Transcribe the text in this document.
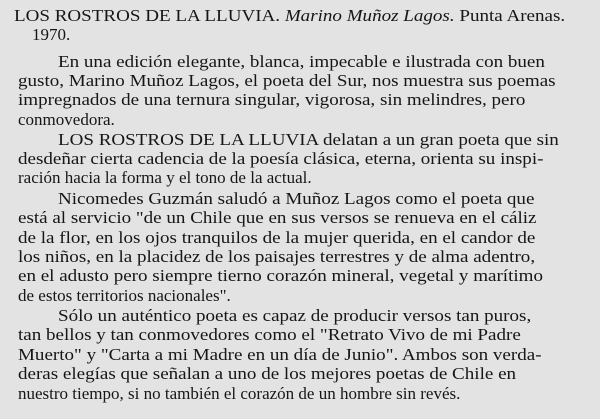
LOS ROSTROS DE LA LLUVIA. Marino Muñoz Lagos. Punta Arenas.
1970.
En una edición elegante, blanca, impecable e ilustrada con buen
gusto, Marino Muñoz Lagos, el poeta del Sur, nos muestra sus poemas
impregnados de una ternura singular, vigorosa, sin melindres, pero
conmovedora.
LOS ROSTROS DE LA LLUVIA delatan a un gran poeta que sin
desdeñar cierta cadencia de la poesía clásica, eterna, orienta su inspi-
ración hacia la forma y el tono de la actual.
Nicomedes Guzmán saludó a Muñoz Lagos como el poeta que
está al servicio "de un Chile que en sus versos se renueva en el cáliz
de la flor, en los ojos tranquilos de la mujer querida, en el candor de
los niños, en la placidez de los paisajes terrestres y de alma adentro,
en el adusto pero siempre tierno corazón mineral, vegetal y marítimo
de estos territorios nacionales".
Sólo un auténtico poeta es capaz de producir versos tan puros,
tan bellos y tan conmovedores como el "Retrato Vivo de mi Padre
Muerto" y "Carta a mi Madre en un día de Junio". Ambos son verda-
deras elegías que señalan a uno de los mejores poetas de Chile en
nuestro tiempo, si no también el corazón de un hombre sin revés.
